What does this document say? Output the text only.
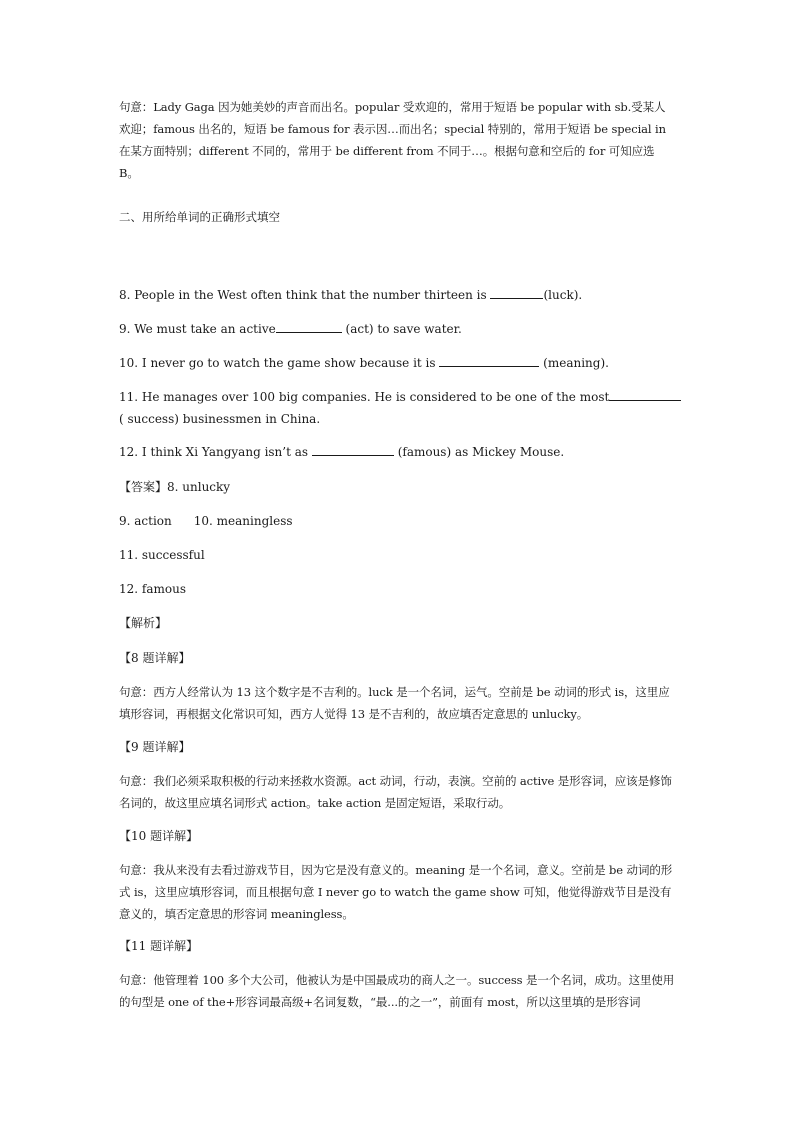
句意：Lady Gaga 因为她美妙的声音而出名。popular 受欢迎的，常用于短语 be popular with sb.受某人欢迎；famous 出名的，短语 be famous for 表示因…而出名；special 特别的，常用于短语 be special in 在某方面特别；different 不同的，常用于 be different from 不同于…。根据句意和空后的 for 可知应选 B。
二、用所给单词的正确形式填空
8. People in the West often think that the number thirteen is	(luck).
9. We must take an active	(act) to save water.
10. I never go to watch the game show because it is	(meaning).
11. He manages over 100 big companies. He is considered to be one of the most
( success) businessmen in China.
12. I think Xi Yangyang isn’t as	(famous) as Mickey Mouse.
【答案】8. unlucky
9. action 10. meaningless
11. successful
12. famous
【解析】
【8 题详解】
句意：西方人经常认为 13 这个数字是不吉利的。luck 是一个名词，运气。空前是 be 动词的形式 is，这里应填形容词，再根据文化常识可知，西方人觉得 13 是不吉利的，故应填否定意思的 unlucky。
【9 题详解】
句意：我们必须采取积极的行动来拯救水资源。act 动词，行动，表演。空前的 active 是形容词，应该是修饰名词的，故这里应填名词形式 action。take action 是固定短语，采取行动。
【10 题详解】
句意：我从来没有去看过游戏节目，因为它是没有意义的。meaning 是一个名词，意义。空前是 be 动词的形式 is，这里应填形容词，而且根据句意 I never go to watch the game show 可知，他觉得游戏节目是没有意义的，填否定意思的形容词 meaningless。
【11 题详解】
句意：他管理着 100 多个大公司，他被认为是中国最成功的商人之一。success 是一个名词，成功。这里使用的句型是 one of the+形容词最高级+名词复数，“最...的之一”，前面有 most，所以这里填的是形容词
